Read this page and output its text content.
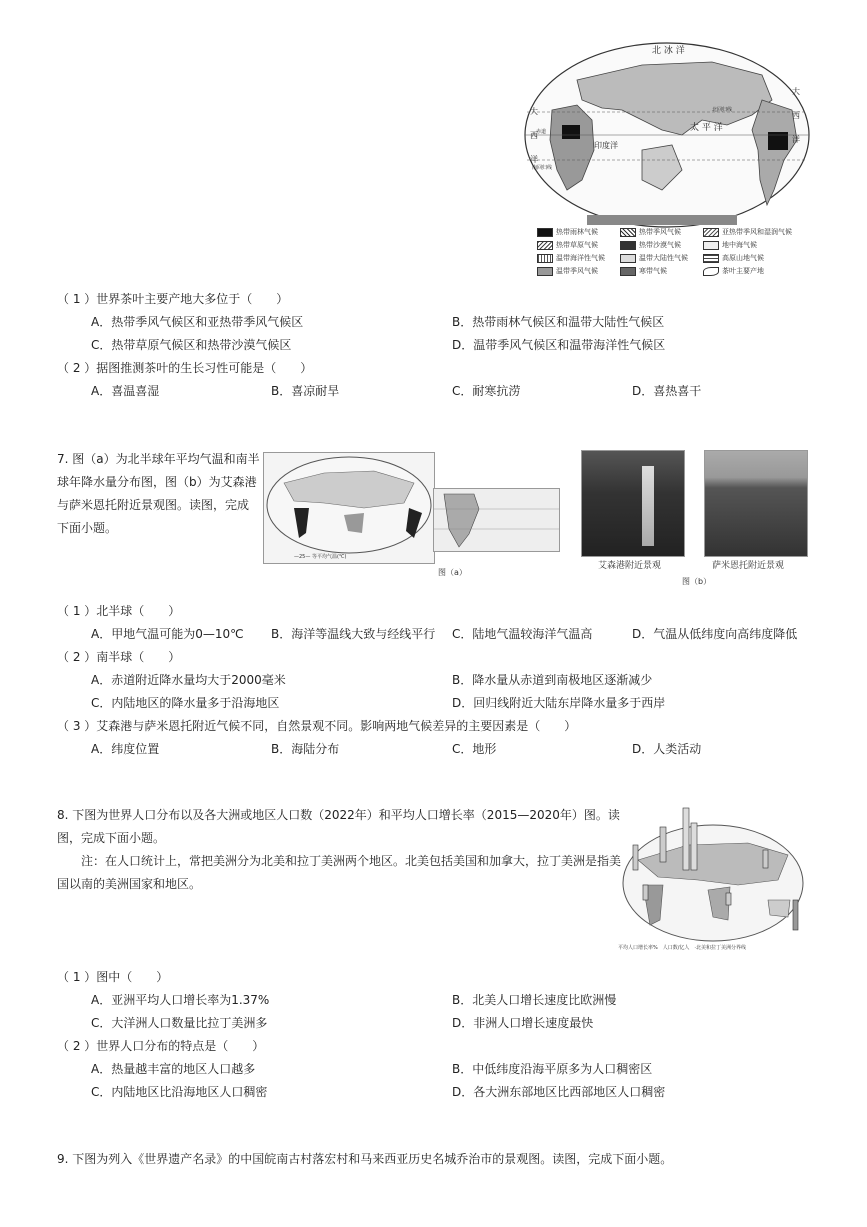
北 冰 洋
太 平 洋
印度洋
北回归线
赤道
南回归线
大 西 洋
大 西 洋
热带雨林气候	热带季风气候	亚热带季风和湿润气候
热带草原气候	热带沙漠气候	地中海气候
温带海洋性气候	温带大陆性气候	高原山地气候
温带季风气候	寒带气候	茶叶主要产地
（ 1 ）世界茶叶主要产地大多位于（　　）
A．热带季风气候区和亚热带季风气候区	B．热带雨林气候区和温带大陆性气候区
C．热带草原气候区和热带沙漠气候区	D．温带季风气候区和温带海洋性气候区
（ 2 ）据图推测茶叶的生长习性可能是（　　）
A．喜温喜湿	B．喜凉耐旱	C．耐寒抗涝	D．喜热喜干
7. 图（a）为北半球年平均气温和南半
球年降水量分布图，图（b）为艾森港
与萨米恩托附近景观图。读图，完成
下面小题。
—25— 等平均气温(℃)
图（a）
艾森港附近景观	萨米恩托附近景观
图（b）
（ 1 ）北半球（　　）
A．甲地气温可能为0—10℃ B．海洋等温线大致与经线平行 C．陆地气温较海洋气温高	D．气温从低纬度向高纬度降低
（ 2 ）南半球（　　）
A．赤道附近降水量均大于2000毫米	B．降水量从赤道到南极地区逐渐减少
C．内陆地区的降水量多于沿海地区	D．回归线附近大陆东岸降水量多于西岸
（ 3 ）艾森港与萨米恩托附近气候不同，自然景观不同。影响两地气候差异的主要因素是（　　）
A．纬度位置	B．海陆分布	C．地形	D．人类活动
8. 下图为世界人口分布以及各大洲或地区人口数（2022年）和平均人口增长率（2015—2020年）图。读
图，完成下面小题。
注：在人口统计上，常把美洲分为北美和拉丁美洲两个地区。北美包括美国和加拿大，拉丁美洲是指美
国以南的美洲国家和地区。
平均人口增长率%　人口数/亿人　·北美和拉丁美洲分界线
（ 1 ）图中（　　）
A．亚洲平均人口增长率为1.37%	B．北美人口增长速度比欧洲慢
C．大洋洲人口数量比拉丁美洲多	D．非洲人口增长速度最快
（ 2 ）世界人口分布的特点是（　　）
A．热量越丰富的地区人口越多	B．中低纬度沿海平原多为人口稠密区
C．内陆地区比沿海地区人口稠密	D．各大洲东部地区比西部地区人口稠密
9. 下图为列入《世界遗产名录》的中国皖南古村落宏村和马来西亚历史名城乔治市的景观图。读图，完成下面小题。
